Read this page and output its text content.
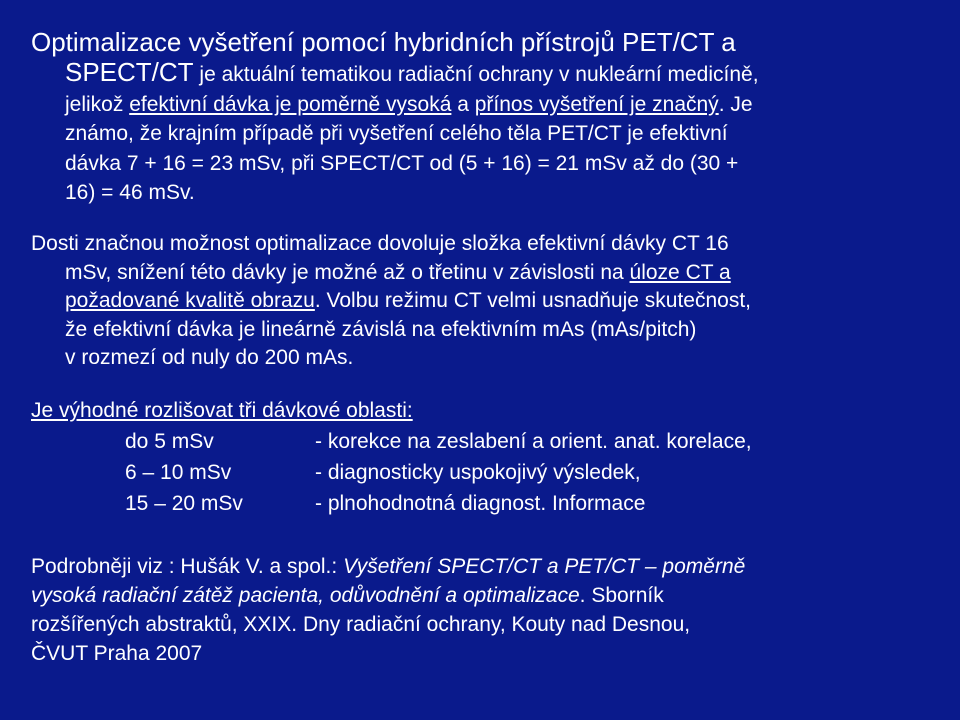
Optimalizace vyšetření pomocí hybridních přístrojů PET/CT a
SPECT/CT je aktuální tematikou radiační ochrany v nukleární medicíně,
jelikož efektivní dávka je poměrně vysoká a přínos vyšetření je značný. Je
známo, že krajním případě při vyšetření celého těla PET/CT je efektivní
dávka 7 + 16 = 23 mSv, při SPECT/CT od (5 + 16) = 21 mSv až do (30 +
16) = 46 mSv.
Dosti značnou možnost optimalizace dovoluje složka efektivní dávky CT 16
mSv, snížení této dávky je možné až o třetinu v závislosti na úloze CT a
požadované kvalitě obrazu. Volbu režimu CT velmi usnadňuje skutečnost,
že efektivní dávka je lineárně závislá na efektivním mAs (mAs/pitch)
v rozmezí od nuly do 200 mAs.
Je výhodné rozlišovat tři dávkové oblasti:
do 5 mSv	- korekce na zeslabení a orient. anat. korelace,
6 – 10 mSv	- diagnosticky uspokojivý výsledek,
15 – 20 mSv	- plnohodnotná diagnost. Informace
Podrobněji viz : Hušák V. a spol.: Vyšetření SPECT/CT a PET/CT – poměrně
vysoká radiační zátěž pacienta, odůvodnění a optimalizace. Sborník
rozšířených abstraktů, XXIX. Dny radiační ochrany, Kouty nad Desnou,
ČVUT Praha 2007
